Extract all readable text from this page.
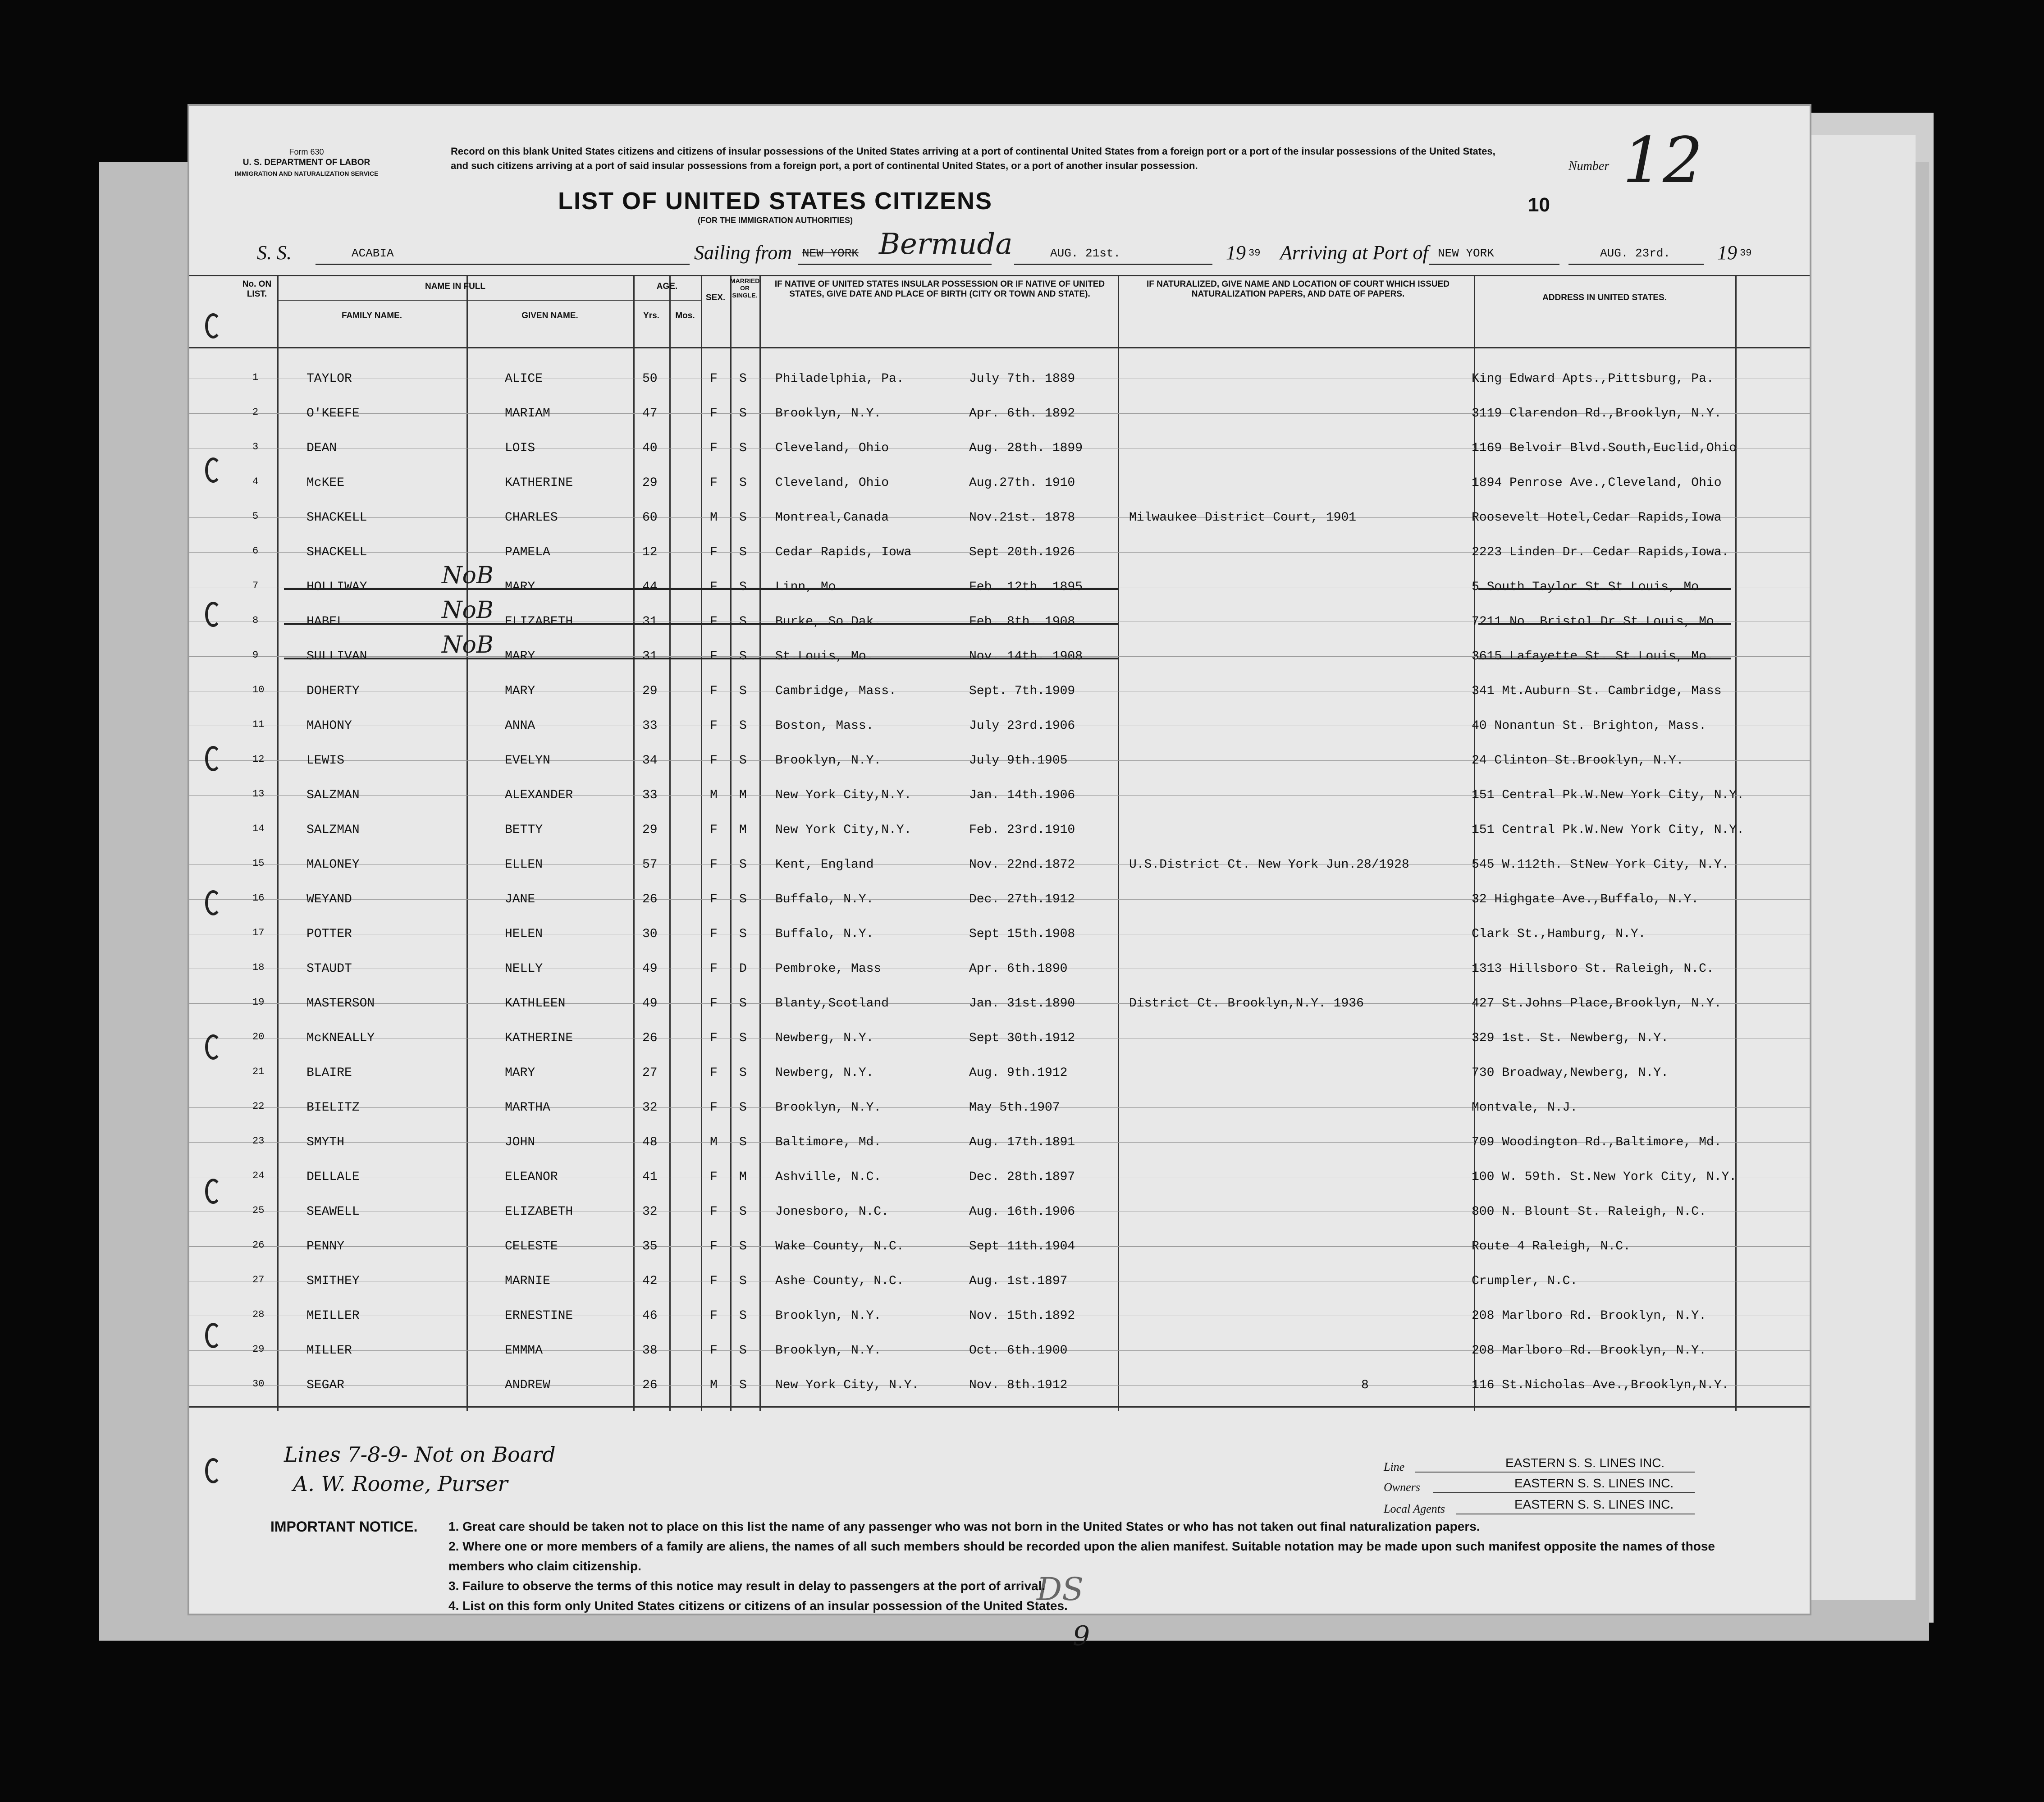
Form 630
U. S. DEPARTMENT OF LABOR
IMMIGRATION AND NATURALIZATION SERVICE
Record on this blank United States citizens and citizens of insular possessions of the United States arriving at a port of continental United States from a foreign port or a port of the insular possessions of the United States, and such citizens arriving at a port of said insular possessions from a foreign port, a port of continental United States, or a port of another insular possession.	Number 12
LIST OF UNITED STATES CITIZENS
(FOR THE IMMIGRATION AUTHORITIES)
10
S. S.	ACABIA	Sailing from NEW YORK Bermuda	AUG. 21st.	19 39 Arriving at Port of NEW YORK	AUG. 23rd. 19 39
No. ON LIST.
NAME IN FULL
FAMILY NAME.	GIVEN NAME.
AGE.
Yrs.	Mos.
SEX.
MARRIED OR SINGLE.
IF NATIVE OF UNITED STATES INSULAR POSSESSION OR IF NATIVE OF UNITED STATES, GIVE DATE AND PLACE OF BIRTH (CITY OR TOWN AND STATE).
IF NATURALIZED, GIVE NAME AND LOCATION OF COURT WHICH ISSUED NATURALIZATION PAPERS, AND DATE OF PAPERS.	ADDRESS IN UNITED STATES.
1	TAYLOR	ALICE	50	F S Philadelphia, Pa.	July 7th. 1889	King Edward Apts.,Pittsburg, Pa.
2	O'KEEFE	MARIAM	47	F S Brooklyn, N.Y.	Apr. 6th. 1892	3119 Clarendon Rd.,Brooklyn, N.Y.
3	DEAN	LOIS	40	F S Cleveland, Ohio	Aug. 28th. 1899	1169 Belvoir Blvd.South,Euclid,Ohio
4	McKEE	KATHERINE	29	F S Cleveland, Ohio	Aug.27th. 1910	1894 Penrose Ave.,Cleveland, Ohio
5	SHACKELL	CHARLES	60	M S Montreal,Canada	Nov.21st. 1878	Milwaukee District Court, 1901	Roosevelt Hotel,Cedar Rapids,Iowa
6	SHACKELL	PAMELA	12	F S Cedar Rapids, Iowa	Sept 20th.1926	2223 Linden Dr. Cedar Rapids,Iowa.
7	HOLLIWAY	MARY	44	F S Linn, Mo.	Feb. 12th. 1895	5 South Taylor St.St.Louis, Mo.
NoB
8	HABEL	ELIZABETH	31	F S Burke, So.Dak.	Feb. 8th. 1908	7211 No. Bristol Dr.St.Louis, Mo.
NoB
9	SULLIVAN	MARY	31	F S St.Louis, Mo.	Nov. 14th. 1908	3615 Lafayette St. St.Louis, Mo.
NoB
10	DOHERTY	MARY	29	F S Cambridge, Mass.	Sept. 7th.1909	341 Mt.Auburn St. Cambridge, Mass
11	MAHONY	ANNA	33	F S Boston, Mass.	July 23rd.1906	40 Nonantun St. Brighton, Mass.
12	LEWIS	EVELYN	34	F S Brooklyn, N.Y.	July 9th.1905	24 Clinton St.Brooklyn, N.Y.
13	SALZMAN	ALEXANDER	33	M M New York City,N.Y.	Jan. 14th.1906	151 Central Pk.W.New York City, N.Y.
14	SALZMAN	BETTY	29	F M New York City,N.Y.	Feb. 23rd.1910	151 Central Pk.W.New York City, N.Y.
15	MALONEY	ELLEN	57	F S Kent, England	Nov. 22nd.1872	U.S.District Ct. New York Jun.28/1928	545 W.112th. StNew York City, N.Y.
16	WEYAND	JANE	26	F S Buffalo, N.Y.	Dec. 27th.1912	32 Highgate Ave.,Buffalo, N.Y.
17	POTTER	HELEN	30	F S Buffalo, N.Y.	Sept 15th.1908	Clark St.,Hamburg, N.Y.
18	STAUDT	NELLY	49	F D Pembroke, Mass	Apr. 6th.1890	1313 Hillsboro St. Raleigh, N.C.
19	MASTERSON	KATHLEEN	49	F S Blanty,Scotland	Jan. 31st.1890	District Ct. Brooklyn,N.Y. 1936	427 St.Johns Place,Brooklyn, N.Y.
20	McKNEALLY	KATHERINE	26	F S Newberg, N.Y.	Sept 30th.1912	329 1st. St. Newberg, N.Y.
21	BLAIRE	MARY	27	F S Newberg, N.Y.	Aug. 9th.1912	730 Broadway,Newberg, N.Y.
22	BIELITZ	MARTHA	32	F S Brooklyn, N.Y.	May 5th.1907	Montvale, N.J.
23	SMYTH	JOHN	48	M S Baltimore, Md.	Aug. 17th.1891	709 Woodington Rd.,Baltimore, Md.
24	DELLALE	ELEANOR	41	F M Ashville, N.C.	Dec. 28th.1897	100 W. 59th. St.New York City, N.Y.
25	SEAWELL	ELIZABETH	32	F S Jonesboro, N.C.	Aug. 16th.1906	800 N. Blount St. Raleigh, N.C.
26	PENNY	CELESTE	35	F S Wake County, N.C.	Sept 11th.1904	Route 4 Raleigh, N.C.
27	SMITHEY	MARNIE	42	F S Ashe County, N.C.	Aug. 1st.1897	Crumpler, N.C.
28	MEILLER	ERNESTINE	46	F S Brooklyn, N.Y.	Nov. 15th.1892	208 Marlboro Rd. Brooklyn, N.Y.
29	MILLER	EMMMA	38	F S Brooklyn, N.Y.	Oct. 6th.1900	208 Marlboro Rd. Brooklyn, N.Y.
30	SEGAR	ANDREW	26	M S New York City, N.Y.	Nov. 8th.1912	8	116 St.Nicholas Ave.,Brooklyn,N.Y.
DS
9
Lines 7-8-9- Not on Board
A. W. Roome, Purser
Line	EASTERN S. S. LINES INC.
Owners	EASTERN S. S. LINES INC.
Local Agents	EASTERN S. S. LINES INC.
IMPORTANT NOTICE. 1. Great care should be taken not to place on this list the name of any passenger who was not born in the United States or who has not taken out final naturalization papers.
2. Where one or more members of a family are aliens, the names of all such members should be recorded upon the alien manifest. Suitable notation may be made upon such manifest opposite the names of those members who claim citizenship.
3. Failure to observe the terms of this notice may result in delay to passengers at the port of arrival.
4. List on this form only United States citizens or citizens of an insular possession of the United States.
